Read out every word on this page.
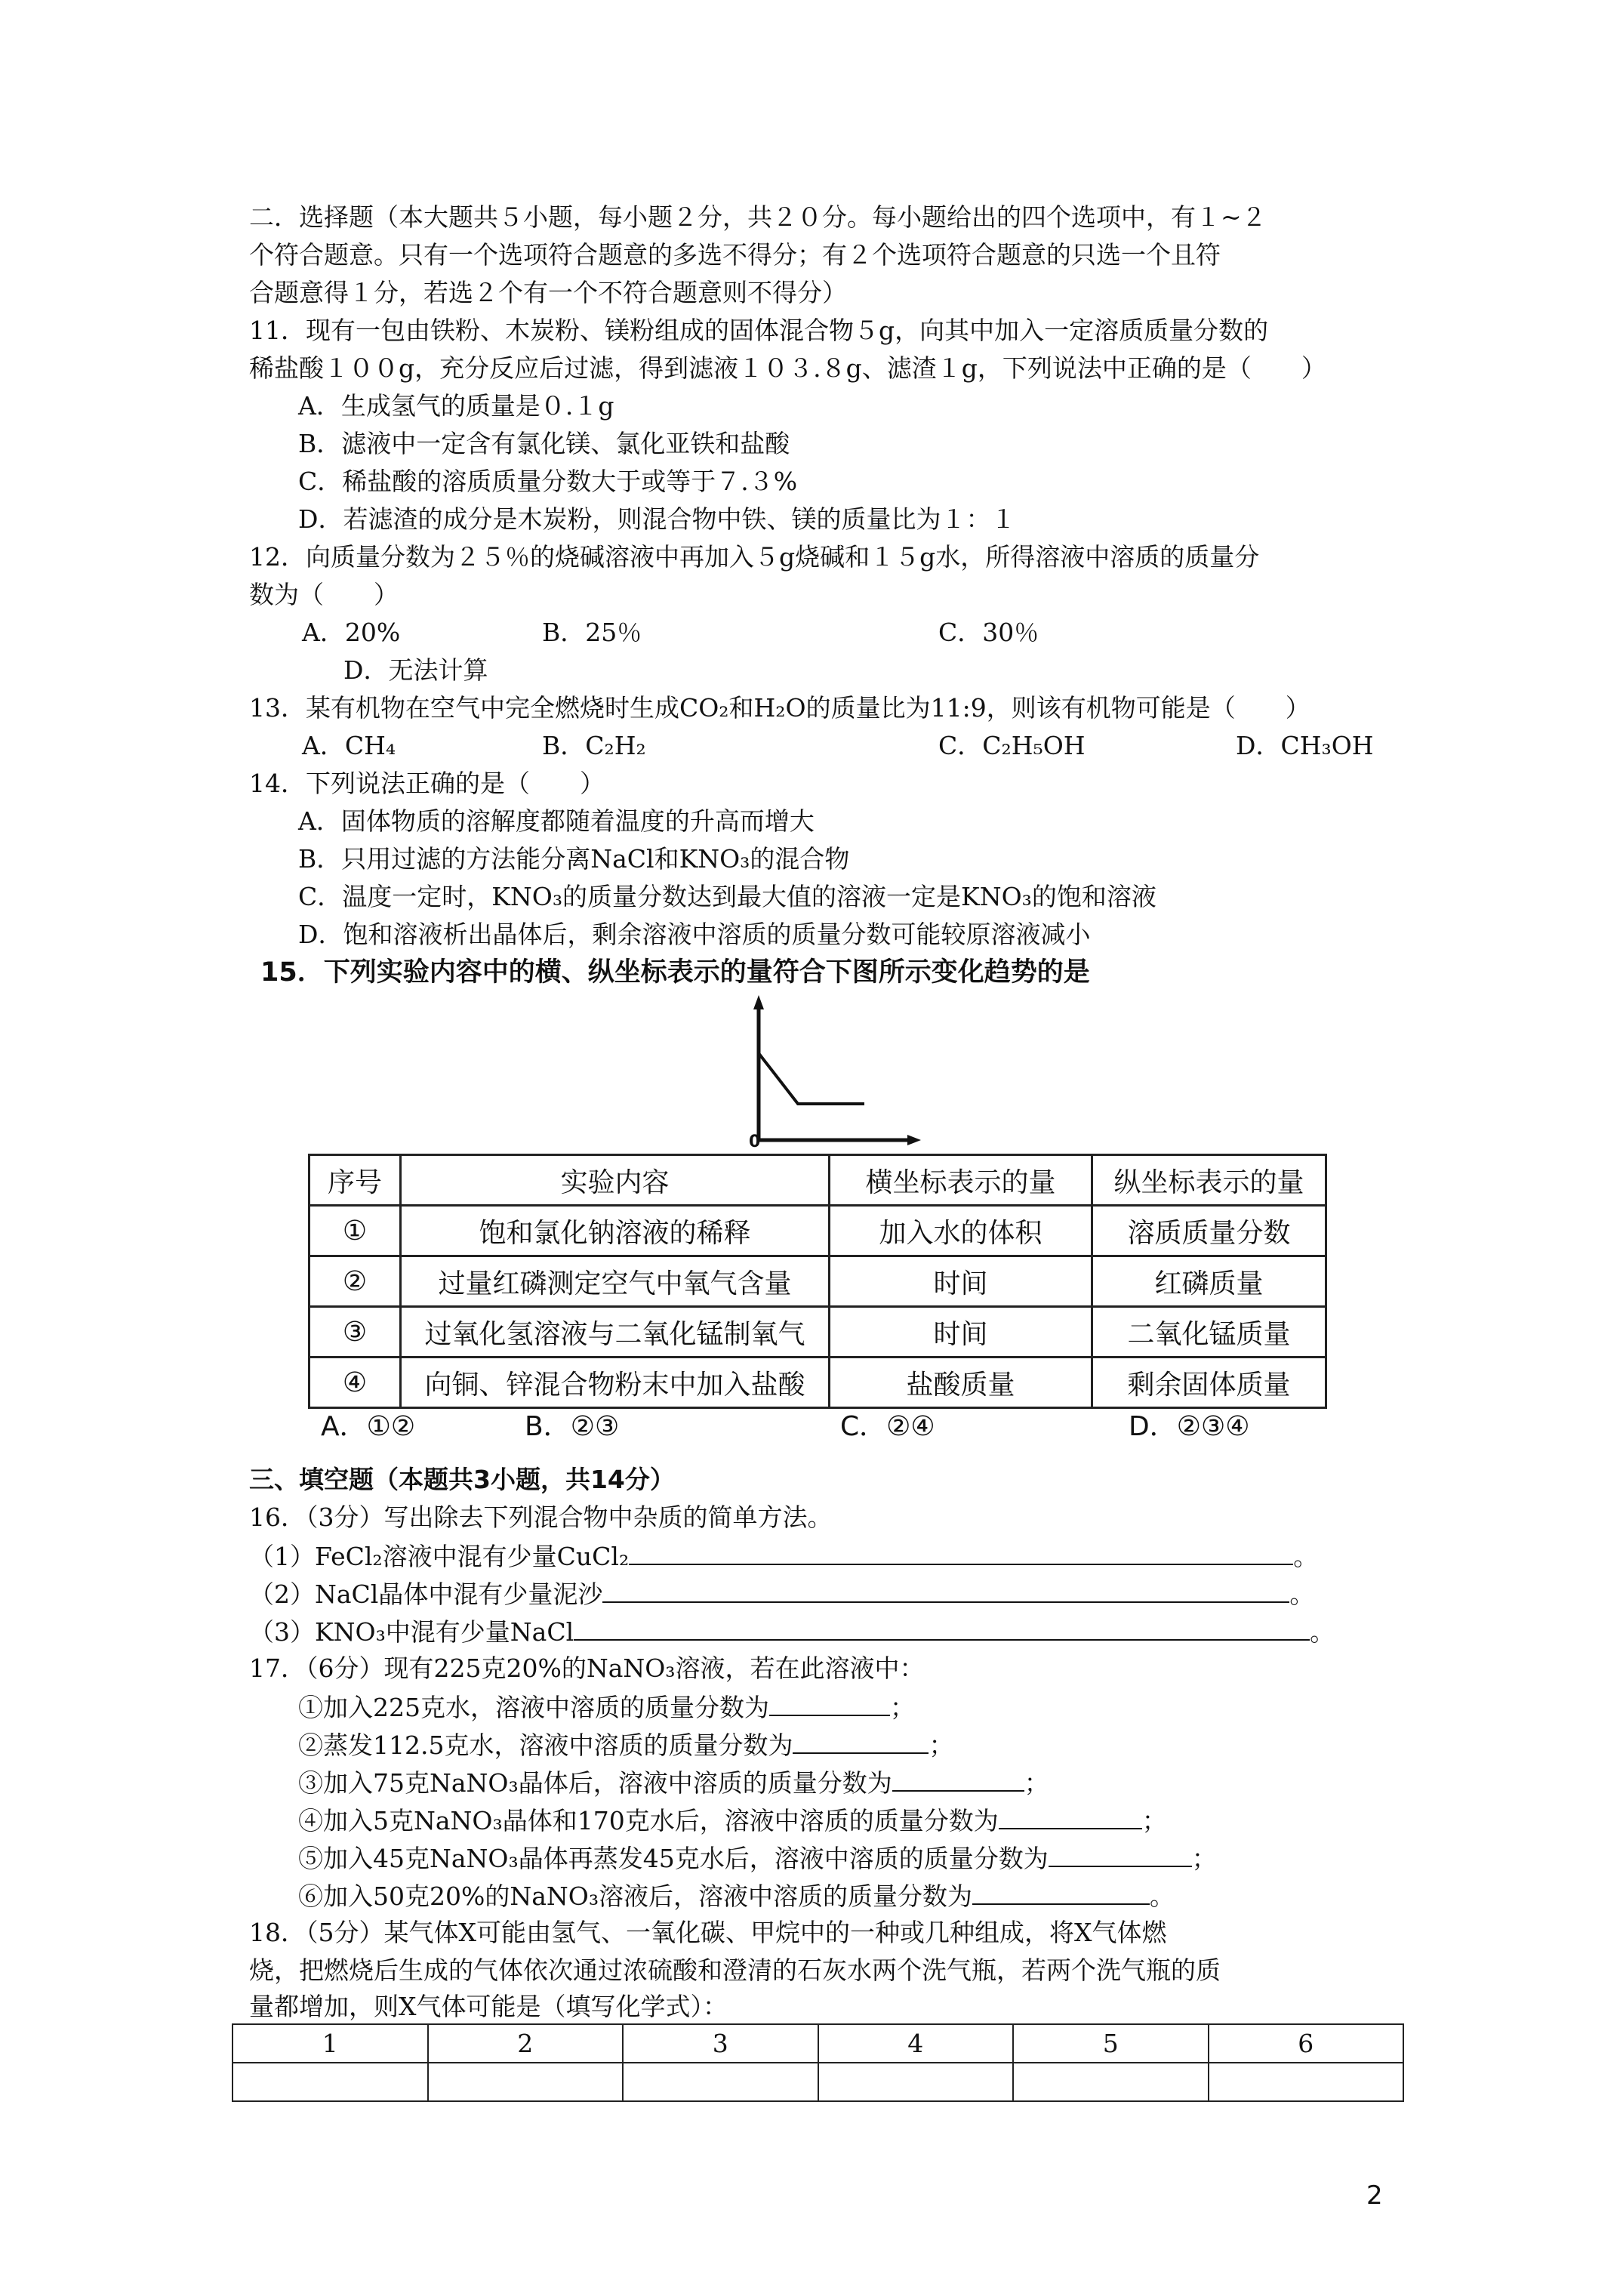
二．选择题（本大题共５小题，每小题２分，共２０分。每小题给出的四个选项中，有１~２
个符合题意。只有一个选项符合题意的多选不得分；有２个选项符合题意的只选一个且符
合题意得１分，若选２个有一个不符合题意则不得分）
11．现有一包由铁粉、木炭粉、镁粉组成的固体混合物５g，向其中加入一定溶质质量分数的
稀盐酸１００g，充分反应后过滤，得到滤液１０３.８g、滤渣１g，下列说法中正确的是（　　）
A．生成氢气的质量是０.１g
B．滤液中一定含有氯化镁、氯化亚铁和盐酸
C．稀盐酸的溶质质量分数大于或等于７.３%
D．若滤渣的成分是木炭粉，则混合物中铁、镁的质量比为１：１
12．向质量分数为２５％的烧碱溶液中再加入５g烧碱和１５g水，所得溶液中溶质的质量分
数为（　　）
A．20%	B．25％	C．30％
D．无法计算
13．某有机物在空气中完全燃烧时生成CO₂和H₂O的质量比为11:9，则该有机物可能是（　　）
A．CH₄	B．C₂H₂	C．C₂H₅OH	D．CH₃OH
14．下列说法正确的是（　　）
A．固体物质的溶解度都随着温度的升高而增大
B．只用过滤的方法能分离NaCl和KNO₃的混合物
C．温度一定时，KNO₃的质量分数达到最大值的溶液一定是KNO₃的饱和溶液
D．饱和溶液析出晶体后，剩余溶液中溶质的质量分数可能较原溶液减小
15．下列实验内容中的横、纵坐标表示的量符合下图所示变化趋势的是
0
序号	实验内容	横坐标表示的量	纵坐标表示的量
①	饱和氯化钠溶液的稀释	加入水的体积	溶质质量分数
②	过量红磷测定空气中氧气含量	时间	红磷质量
③	过氧化氢溶液与二氧化锰制氧气	时间	二氧化锰质量
④	向铜、锌混合物粉末中加入盐酸	盐酸质量	剩余固体质量
A．①②	B．②③	C．②④	D．②③④
三、填空题（本题共3小题，共14分）
16．（3分）写出除去下列混合物中杂质的简单方法。
（1）FeCl₂溶液中混有少量CuCl₂	。
（2）NaCl晶体中混有少量泥沙	。
（3）KNO₃中混有少量NaCl	。
17．（6分）现有225克20%的NaNO₃溶液，若在此溶液中：
①加入225克水，溶液中溶质的质量分数为	；
②蒸发112.5克水，溶液中溶质的质量分数为	；
③加入75克NaNO₃晶体后，溶液中溶质的质量分数为	；
④加入5克NaNO₃晶体和170克水后，溶液中溶质的质量分数为	；
⑤加入45克NaNO₃晶体再蒸发45克水后，溶液中溶质的质量分数为	；
⑥加入50克20%的NaNO₃溶液后，溶液中溶质的质量分数为	。
18．（5分）某气体X可能由氢气、一氧化碳、甲烷中的一种或几种组成，将X气体燃
烧，把燃烧后生成的气体依次通过浓硫酸和澄清的石灰水两个洗气瓶，若两个洗气瓶的质
量都增加，则X气体可能是（填写化学式）：
1	2	3	4	5	6

2
